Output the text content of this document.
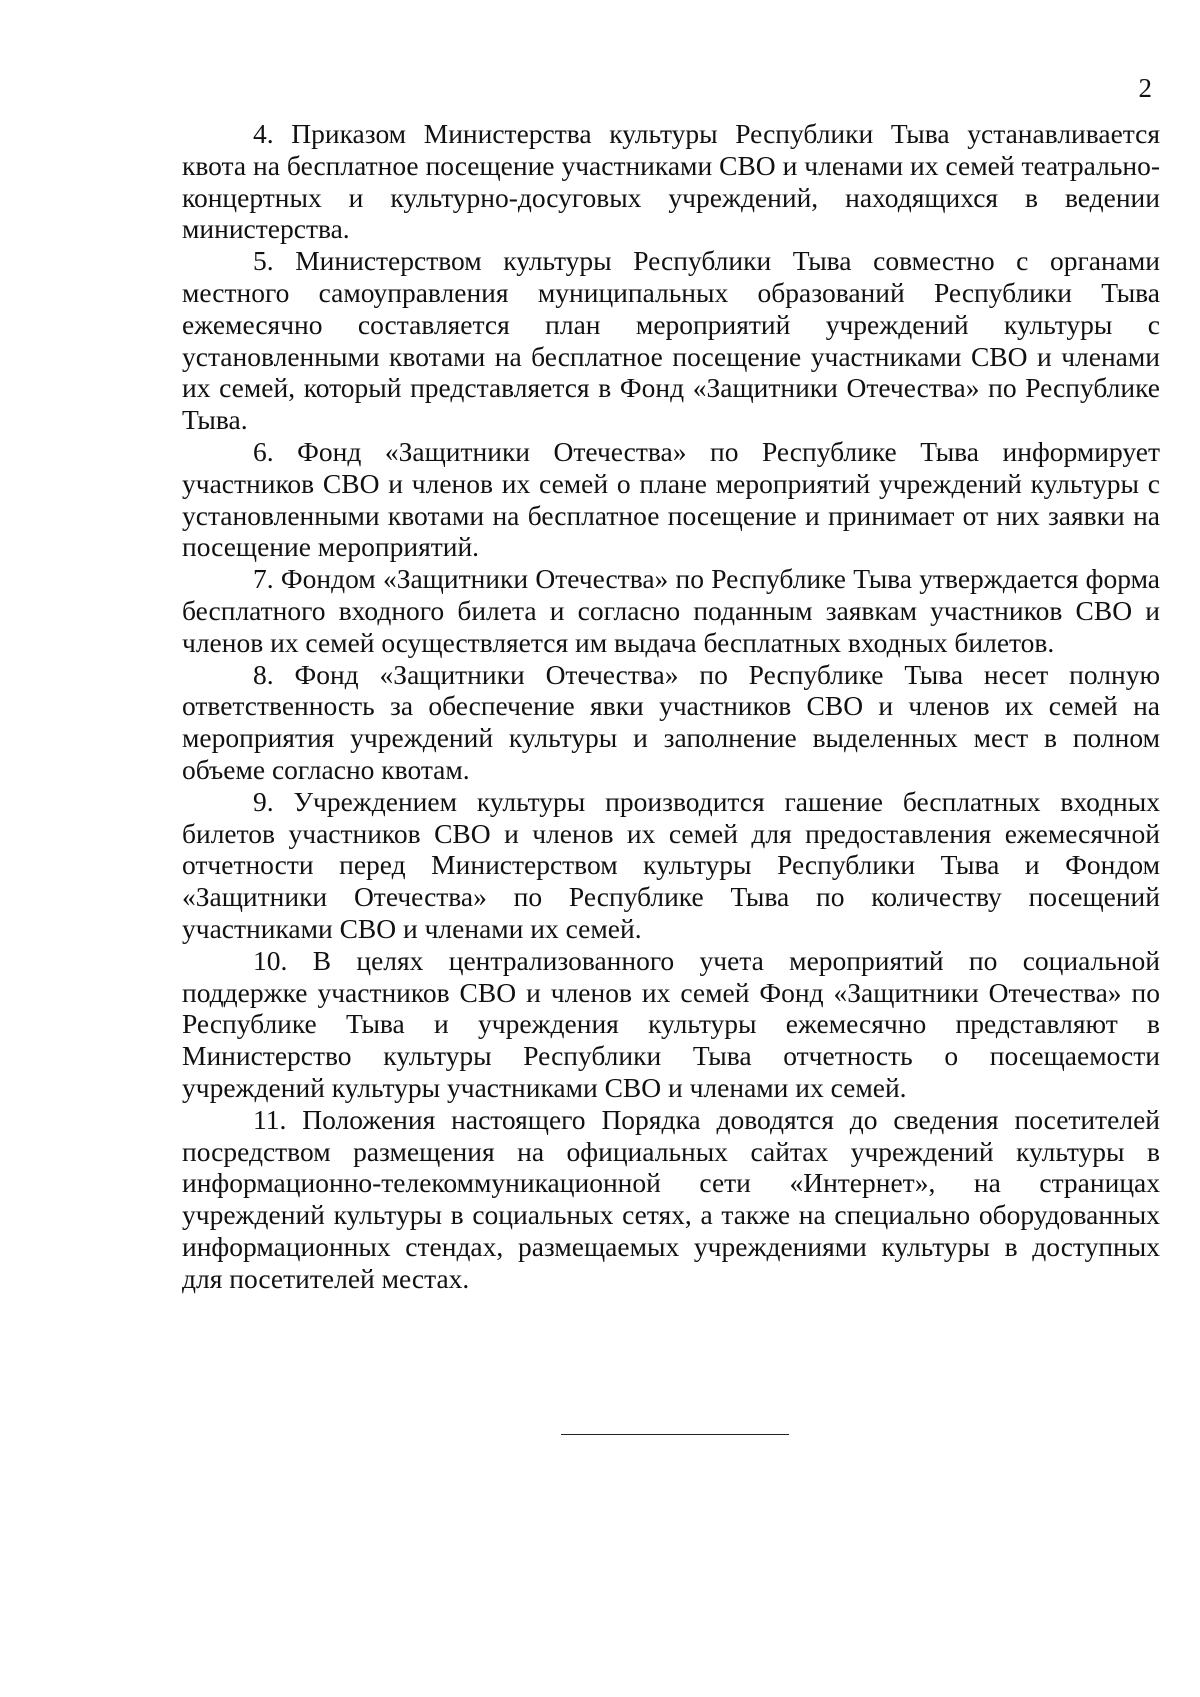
2

4. Приказом Министерства культуры Республики Тыва устанавливается квота на бесплатное посещение участниками СВО и членами их семей театрально-концертных и культурно-досуговых учреждений, находящихся в ведении министерства.

5. Министерством культуры Республики Тыва совместно с органами местного самоуправления муниципальных образований Республики Тыва ежемесячно составляется план мероприятий учреждений культуры с установленными квотами на бесплатное посещение участниками СВО и членами их семей, который представляется в Фонд «Защитники Отечества» по Республике Тыва.

6. Фонд «Защитники Отечества» по Республике Тыва информирует участников СВО и членов их семей о плане мероприятий учреждений культуры с установленными квотами на бесплатное посещение и принимает от них заявки на посещение мероприятий.

7. Фондом «Защитники Отечества» по Республике Тыва утверждается форма бесплатного входного билета и согласно поданным заявкам участников СВО и членов их семей осуществляется им выдача бесплатных входных билетов.

8. Фонд «Защитники Отечества» по Республике Тыва несет полную ответственность за обеспечение явки участников СВО и членов их семей на мероприятия учреждений культуры и заполнение выделенных мест в полном объеме согласно квотам.

9. Учреждением культуры производится гашение бесплатных входных билетов участников СВО и членов их семей для предоставления ежемесячной отчетности перед Министерством культуры Республики Тыва и Фондом «Защитники Отечества» по Республике Тыва по количеству посещений участниками СВО и членами их семей.

10. В целях централизованного учета мероприятий по социальной поддержке участников СВО и членов их семей Фонд «Защитники Отечества» по Республике Тыва и учреждения культуры ежемесячно представляют в Министерство культуры Республики Тыва отчетность о посещаемости учреждений культуры участниками СВО и членами их семей.

11. Положения настоящего Порядка доводятся до сведения посетителей посредством размещения на официальных сайтах учреждений культуры в информационно-телекоммуникационной сети «Интернет», на страницах учреждений культуры в социальных сетях, а также на специально оборудованных информационных стендах, размещаемых учреждениями культуры в доступных для посетителей местах.
